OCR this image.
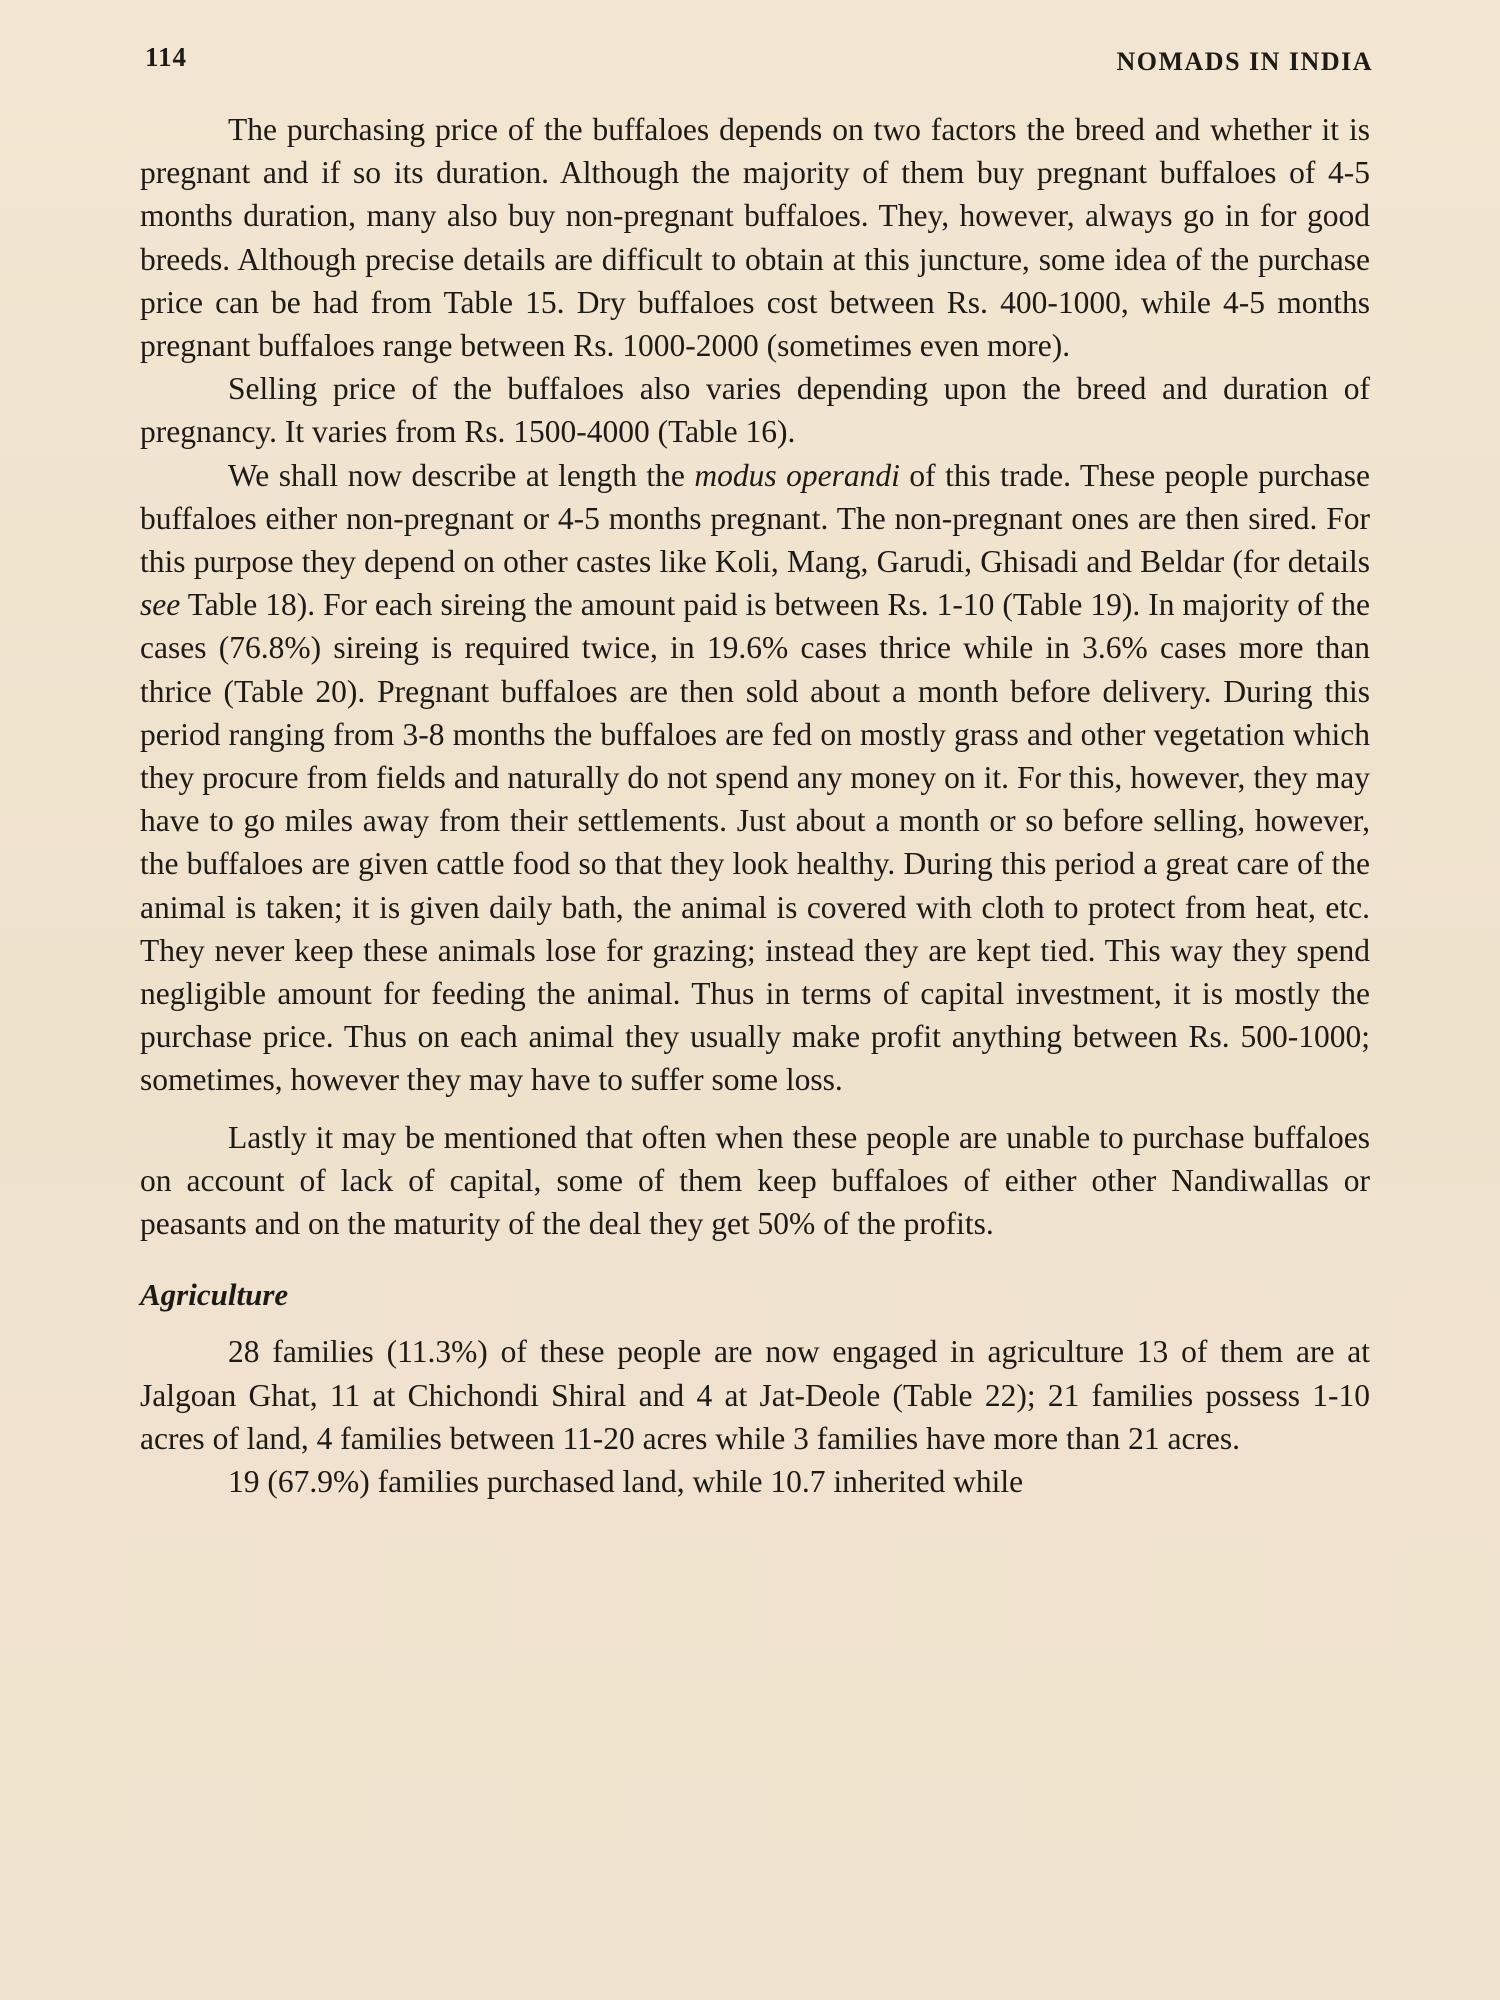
114	NOMADS IN INDIA

The purchasing price of the buffaloes depends on two factors the breed and whether it is pregnant and if so its duration. Although the majority of them buy pregnant buffaloes of 4-5 months duration, many also buy non-pregnant buffaloes. They, however, always go in for good breeds. Although precise details are difficult to obtain at this juncture, some idea of the purchase price can be had from Table 15. Dry buffaloes cost between Rs. 400-1000, while 4-5 months pregnant buffaloes range between Rs. 1000-2000 (sometimes even more).

Selling price of the buffaloes also varies depending upon the breed and duration of pregnancy. It varies from Rs. 1500-4000 (Table 16).

We shall now describe at length the modus operandi of this trade. These people purchase buffaloes either non-pregnant or 4-5 months pregnant. The non-pregnant ones are then sired. For this purpose they depend on other castes like Koli, Mang, Garudi, Ghisadi and Beldar (for details see Table 18). For each sireing the amount paid is between Rs. 1-10 (Table 19). In majority of the cases (76.8%) sireing is required twice, in 19.6% cases thrice while in 3.6% cases more than thrice (Table 20). Pregnant buffaloes are then sold about a month before delivery. During this period ranging from 3-8 months the buffaloes are fed on mostly grass and other vegetation which they procure from fields and naturally do not spend any money on it. For this, however, they may have to go miles away from their settlements. Just about a month or so before selling, however, the buffaloes are given cattle food so that they look healthy. During this period a great care of the animal is taken; it is given daily bath, the animal is covered with cloth to protect from heat, etc. They never keep these animals lose for grazing; instead they are kept tied. This way they spend negligible amount for feeding the animal. Thus in terms of capital investment, it is mostly the purchase price. Thus on each animal they usually make profit anything between Rs. 500-1000; sometimes, however they may have to suffer some loss.

Lastly it may be mentioned that often when these people are unable to purchase buffaloes on account of lack of capital, some of them keep buffaloes of either other Nandiwallas or peasants and on the maturity of the deal they get 50% of the profits.

Agriculture

28 families (11.3%) of these people are now engaged in agriculture 13 of them are at Jalgoan Ghat, 11 at Chichondi Shiral and 4 at Jat-Deole (Table 22); 21 families possess 1-10 acres of land, 4 families between 11-20 acres while 3 families have more than 21 acres.

19 (67.9%) families purchased land, while 10.7 inherited while
